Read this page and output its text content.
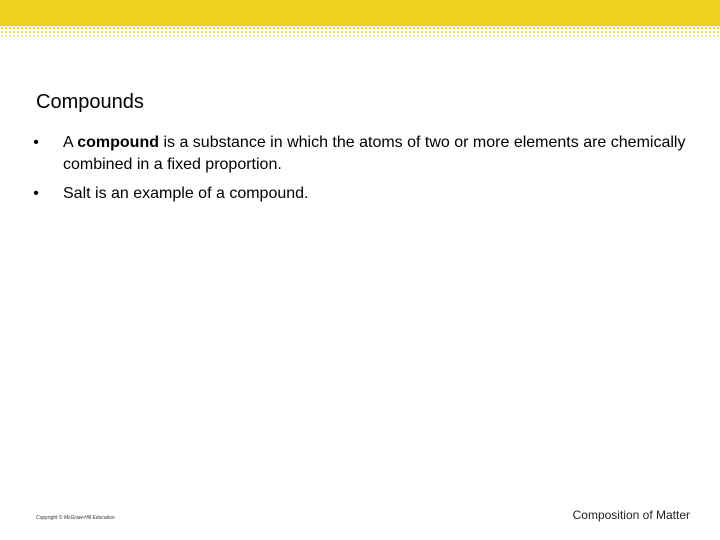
Compounds
• A compound is a substance in which the atoms of two or more elements are chemically combined in a fixed proportion.
• Salt is an example of a compound.
Copyright © McGraw-Hill Education	Composition of Matter
